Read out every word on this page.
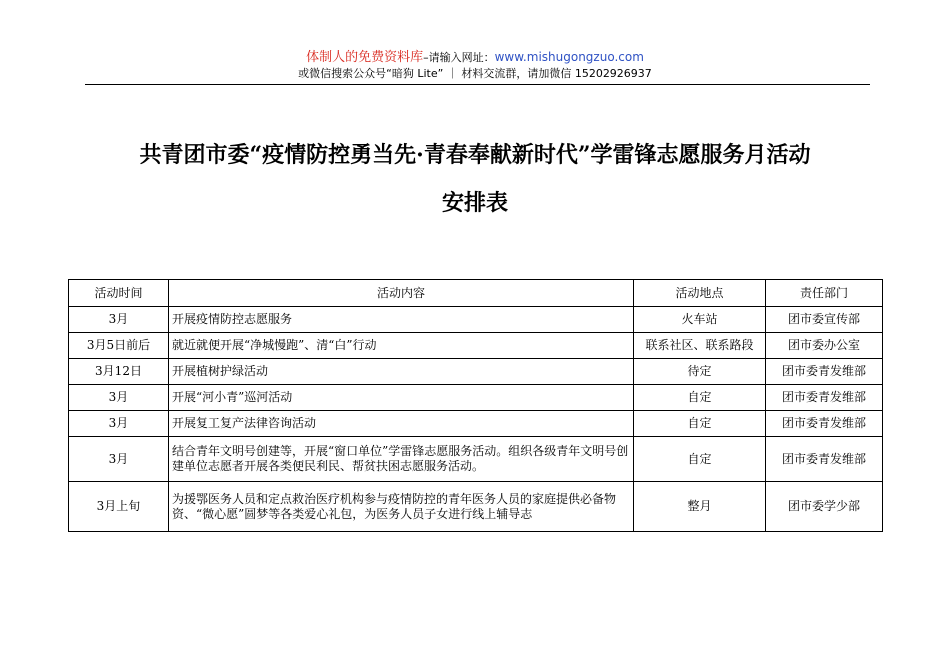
体制人的免费资料库–请输入网址：www.mishugongzuo.com
或微信搜索公众号“暗狗 Lite” ｜ 材料交流群，请加微信 15202926937
共青团市委“疫情防控勇当先·青春奉献新时代”学雷锋志愿服务月活动
安排表
活动时间	活动内容	活动地点	责任部门
3月	开展疫情防控志愿服务	火车站	团市委宣传部
3月5日前后	就近就便开展“净城慢跑”、清“白”行动	联系社区、联系路段	团市委办公室
3月12日	开展植树护绿活动	待定	团市委青发维部
3月	开展“河小青”巡河活动	自定	团市委青发维部
3月	开展复工复产法律咨询活动	自定	团市委青发维部
3月	结合青年文明号创建等，开展“窗口单位”学雷锋志愿服务活动。组织各级青年文明号创建单位志愿者开展各类便民利民、帮贫扶困志愿服务活动。	自定	团市委青发维部
3月上旬	为援鄂医务人员和定点救治医疗机构参与疫情防控的青年医务人员的家庭提供必备物资、“微心愿”圆梦等各类爱心礼包，为医务人员子女进行线上辅导志	整月	团市委学少部
